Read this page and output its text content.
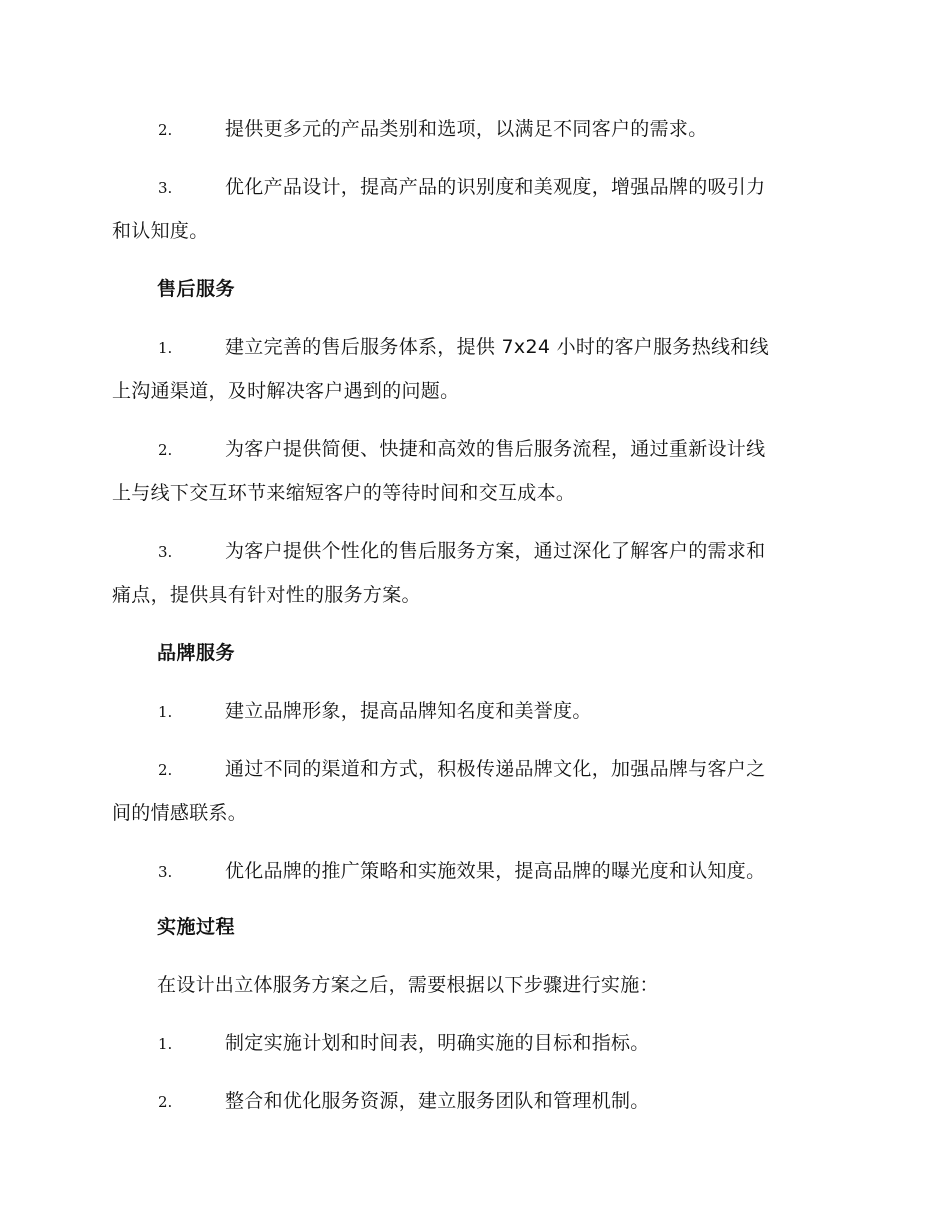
2.	提供更多元的产品类别和选项，以满足不同客户的需求。
3.	优化产品设计，提高产品的识别度和美观度，增强品牌的吸引力
和认知度。
售后服务
1.	建立完善的售后服务体系，提供 7x24 小时的客户服务热线和线
上沟通渠道，及时解决客户遇到的问题。
2.	为客户提供简便、快捷和高效的售后服务流程，通过重新设计线
上与线下交互环节来缩短客户的等待时间和交互成本。
3.	为客户提供个性化的售后服务方案，通过深化了解客户的需求和
痛点，提供具有针对性的服务方案。
品牌服务
1.	建立品牌形象，提高品牌知名度和美誉度。
2.	通过不同的渠道和方式，积极传递品牌文化，加强品牌与客户之
间的情感联系。
3.	优化品牌的推广策略和实施效果，提高品牌的曝光度和认知度。
实施过程
在设计出立体服务方案之后，需要根据以下步骤进行实施：
1.	制定实施计划和时间表，明确实施的目标和指标。
2.	整合和优化服务资源，建立服务团队和管理机制。
